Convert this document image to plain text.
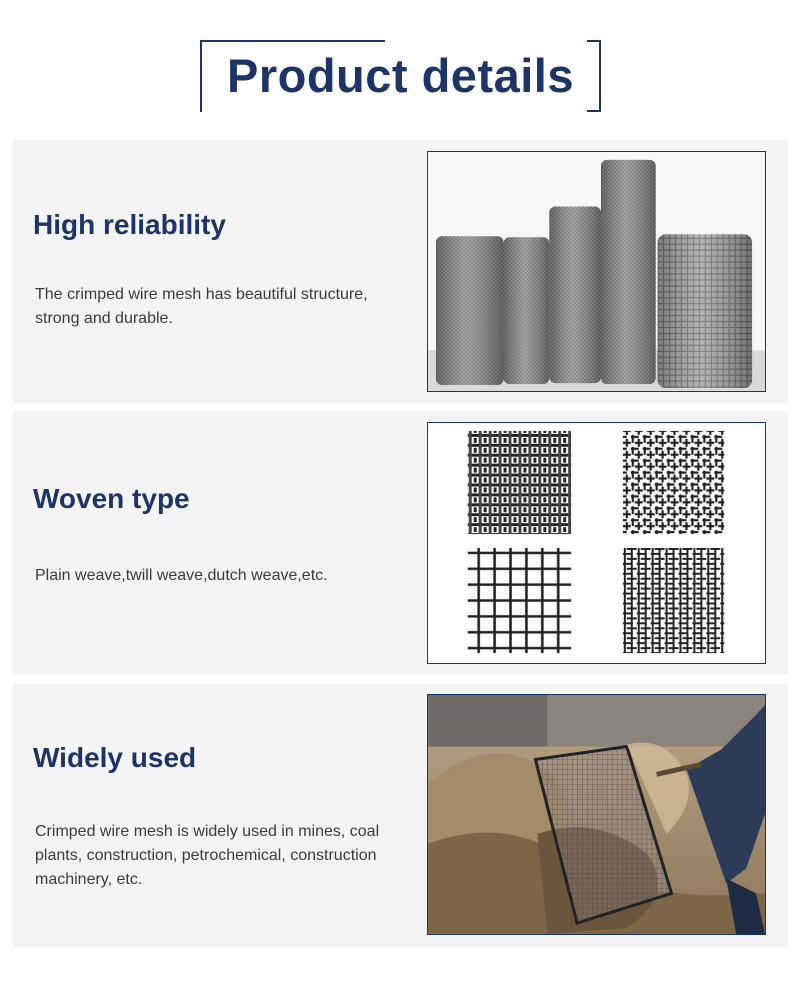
Product details
High reliability
The crimped wire mesh has beautiful structure, strong and durable.
Woven type
Plain weave,twill weave,dutch weave,etc.
Widely used
Crimped wire mesh is widely used in mines, coal plants, construction, petrochemical, construction machinery, etc.
